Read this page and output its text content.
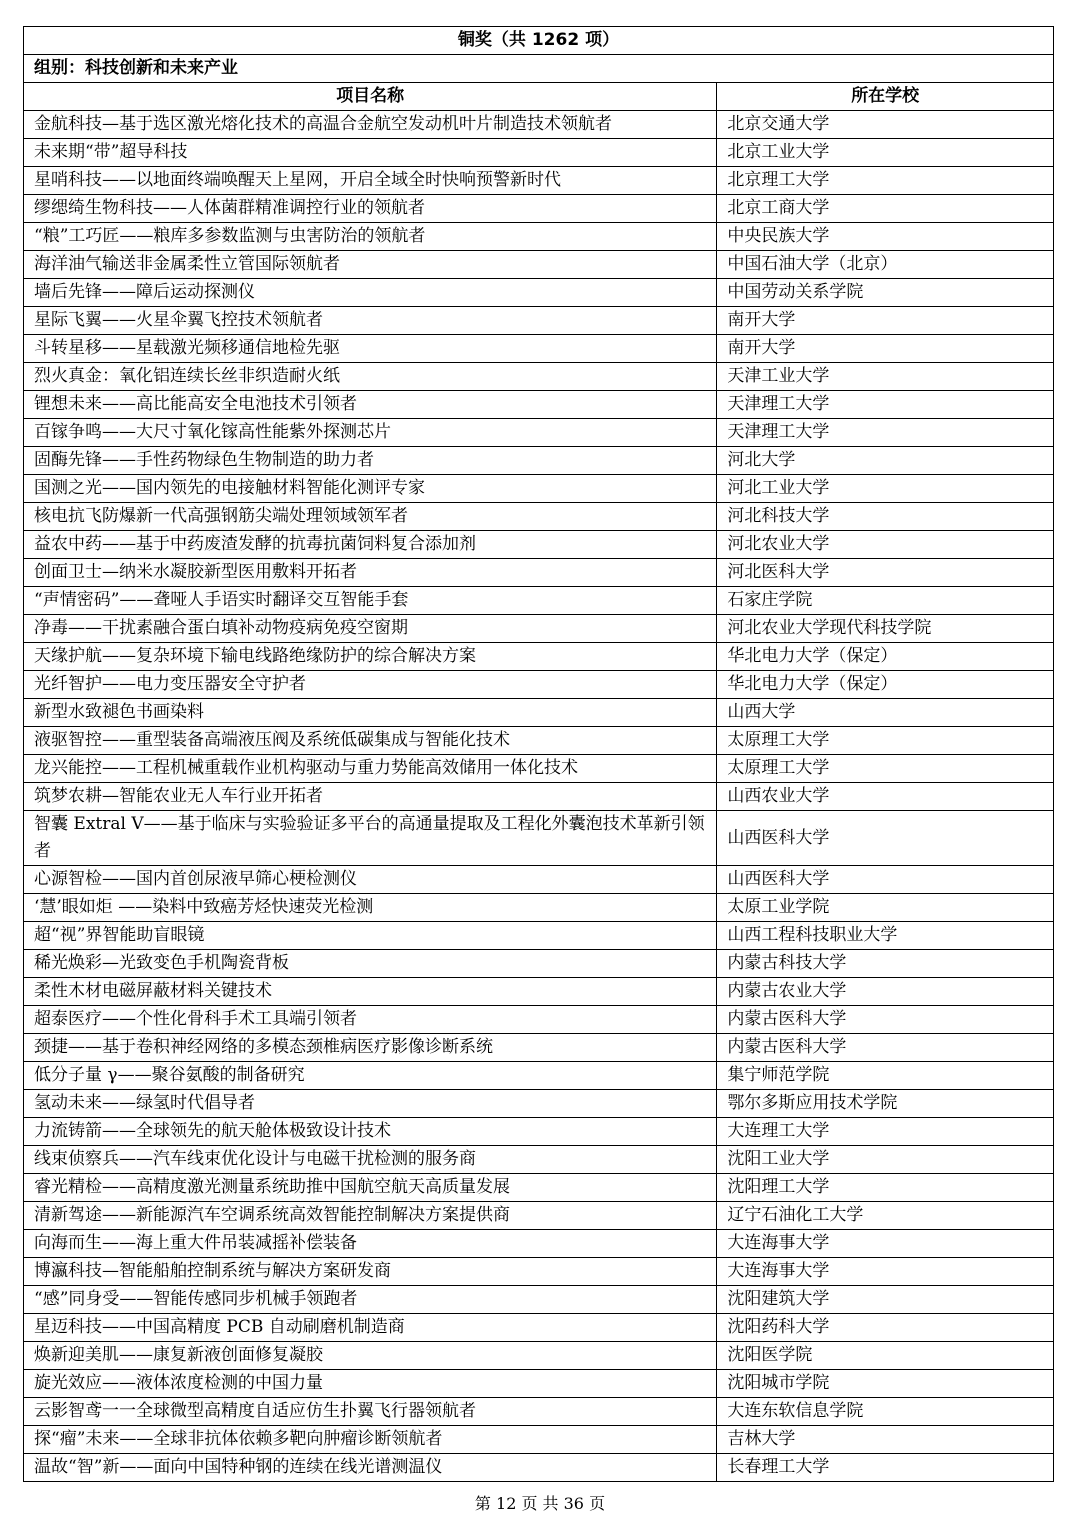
铜奖（共 1262 项）	
组别：科技创新和未来产业	
项目名称	所在学校
金航科技—基于选区激光熔化技术的高温合金航空发动机叶片制造技术领航者	北京交通大学
未来期“带”超导科技	北京工业大学
星哨科技——以地面终端唤醒天上星网，开启全域全时快响预警新时代	北京理工大学
缪缌绮生物科技——人体菌群精准调控行业的领航者	北京工商大学
“粮”工巧匠——粮库多参数监测与虫害防治的领航者	中央民族大学
海洋油气输送非金属柔性立管国际领航者	中国石油大学（北京）
墙后先锋——障后运动探测仪	中国劳动关系学院
星际飞翼——火星伞翼飞控技术领航者	南开大学
斗转星移——星载激光频移通信地检先驱	南开大学
烈火真金：氧化铝连续长丝非织造耐火纸	天津工业大学
锂想未来——高比能高安全电池技术引领者	天津理工大学
百镓争鸣——大尺寸氧化镓高性能紫外探测芯片	天津理工大学
固酶先锋——手性药物绿色生物制造的助力者	河北大学
国测之光——国内领先的电接触材料智能化测评专家	河北工业大学
核电抗飞防爆新一代高强钢筋尖端处理领域领军者	河北科技大学
益农中药——基于中药废渣发酵的抗毒抗菌饲料复合添加剂	河北农业大学
创面卫士—纳米水凝胶新型医用敷料开拓者	河北医科大学
“声情密码”——聋哑人手语实时翻译交互智能手套	石家庄学院
净毒——干扰素融合蛋白填补动物疫病免疫空窗期	河北农业大学现代科技学院
天缘护航——复杂环境下输电线路绝缘防护的综合解决方案	华北电力大学（保定）
光纤智护——电力变压器安全守护者	华北电力大学（保定）
新型水致褪色书画染料	山西大学
液驱智控——重型装备高端液压阀及系统低碳集成与智能化技术	太原理工大学
龙兴能控——工程机械重载作业机构驱动与重力势能高效储用一体化技术	太原理工大学
筑梦农耕—智能农业无人车行业开拓者	山西农业大学
智囊 Extral V——基于临床与实验验证多平台的高通量提取及工程化外囊泡技术革新引领者	山西医科大学
心源智检——国内首创尿液早筛心梗检测仪	山西医科大学
‘慧’眼如炬 ——染料中致癌芳烃快速荧光检测	太原工业学院
超“视”界智能助盲眼镜	山西工程科技职业大学
稀光焕彩—光致变色手机陶瓷背板	内蒙古科技大学
柔性木材电磁屏蔽材料关键技术	内蒙古农业大学
超泰医疗——个性化骨科手术工具端引领者	内蒙古医科大学
颈捷——基于卷积神经网络的多模态颈椎病医疗影像诊断系统	内蒙古医科大学
低分子量 γ——聚谷氨酸的制备研究	集宁师范学院
氢动未来——绿氢时代倡导者	鄂尔多斯应用技术学院
力流铸箭——全球领先的航天舱体极致设计技术	大连理工大学
线束侦察兵——汽车线束优化设计与电磁干扰检测的服务商	沈阳工业大学
睿光精检——高精度激光测量系统助推中国航空航天高质量发展	沈阳理工大学
清新驾途——新能源汽车空调系统高效智能控制解决方案提供商	辽宁石油化工大学
向海而生——海上重大件吊装减摇补偿装备	大连海事大学
博瀛科技—智能船舶控制系统与解决方案研发商	大连海事大学
“感”同身受——智能传感同步机械手领跑者	沈阳建筑大学
星迈科技——中国高精度 PCB 自动刷磨机制造商	沈阳药科大学
焕新迎美肌——康复新液创面修复凝胶	沈阳医学院
旋光效应——液体浓度检测的中国力量	沈阳城市学院
云影智鸢一一全球微型高精度自适应仿生扑翼飞行器领航者	大连东软信息学院
探“瘤”未来——全球非抗体依赖多靶向肿瘤诊断领航者	吉林大学
温故“智”新——面向中国特种钢的连续在线光谱测温仪	长春理工大学
第 12 页 共 36 页
